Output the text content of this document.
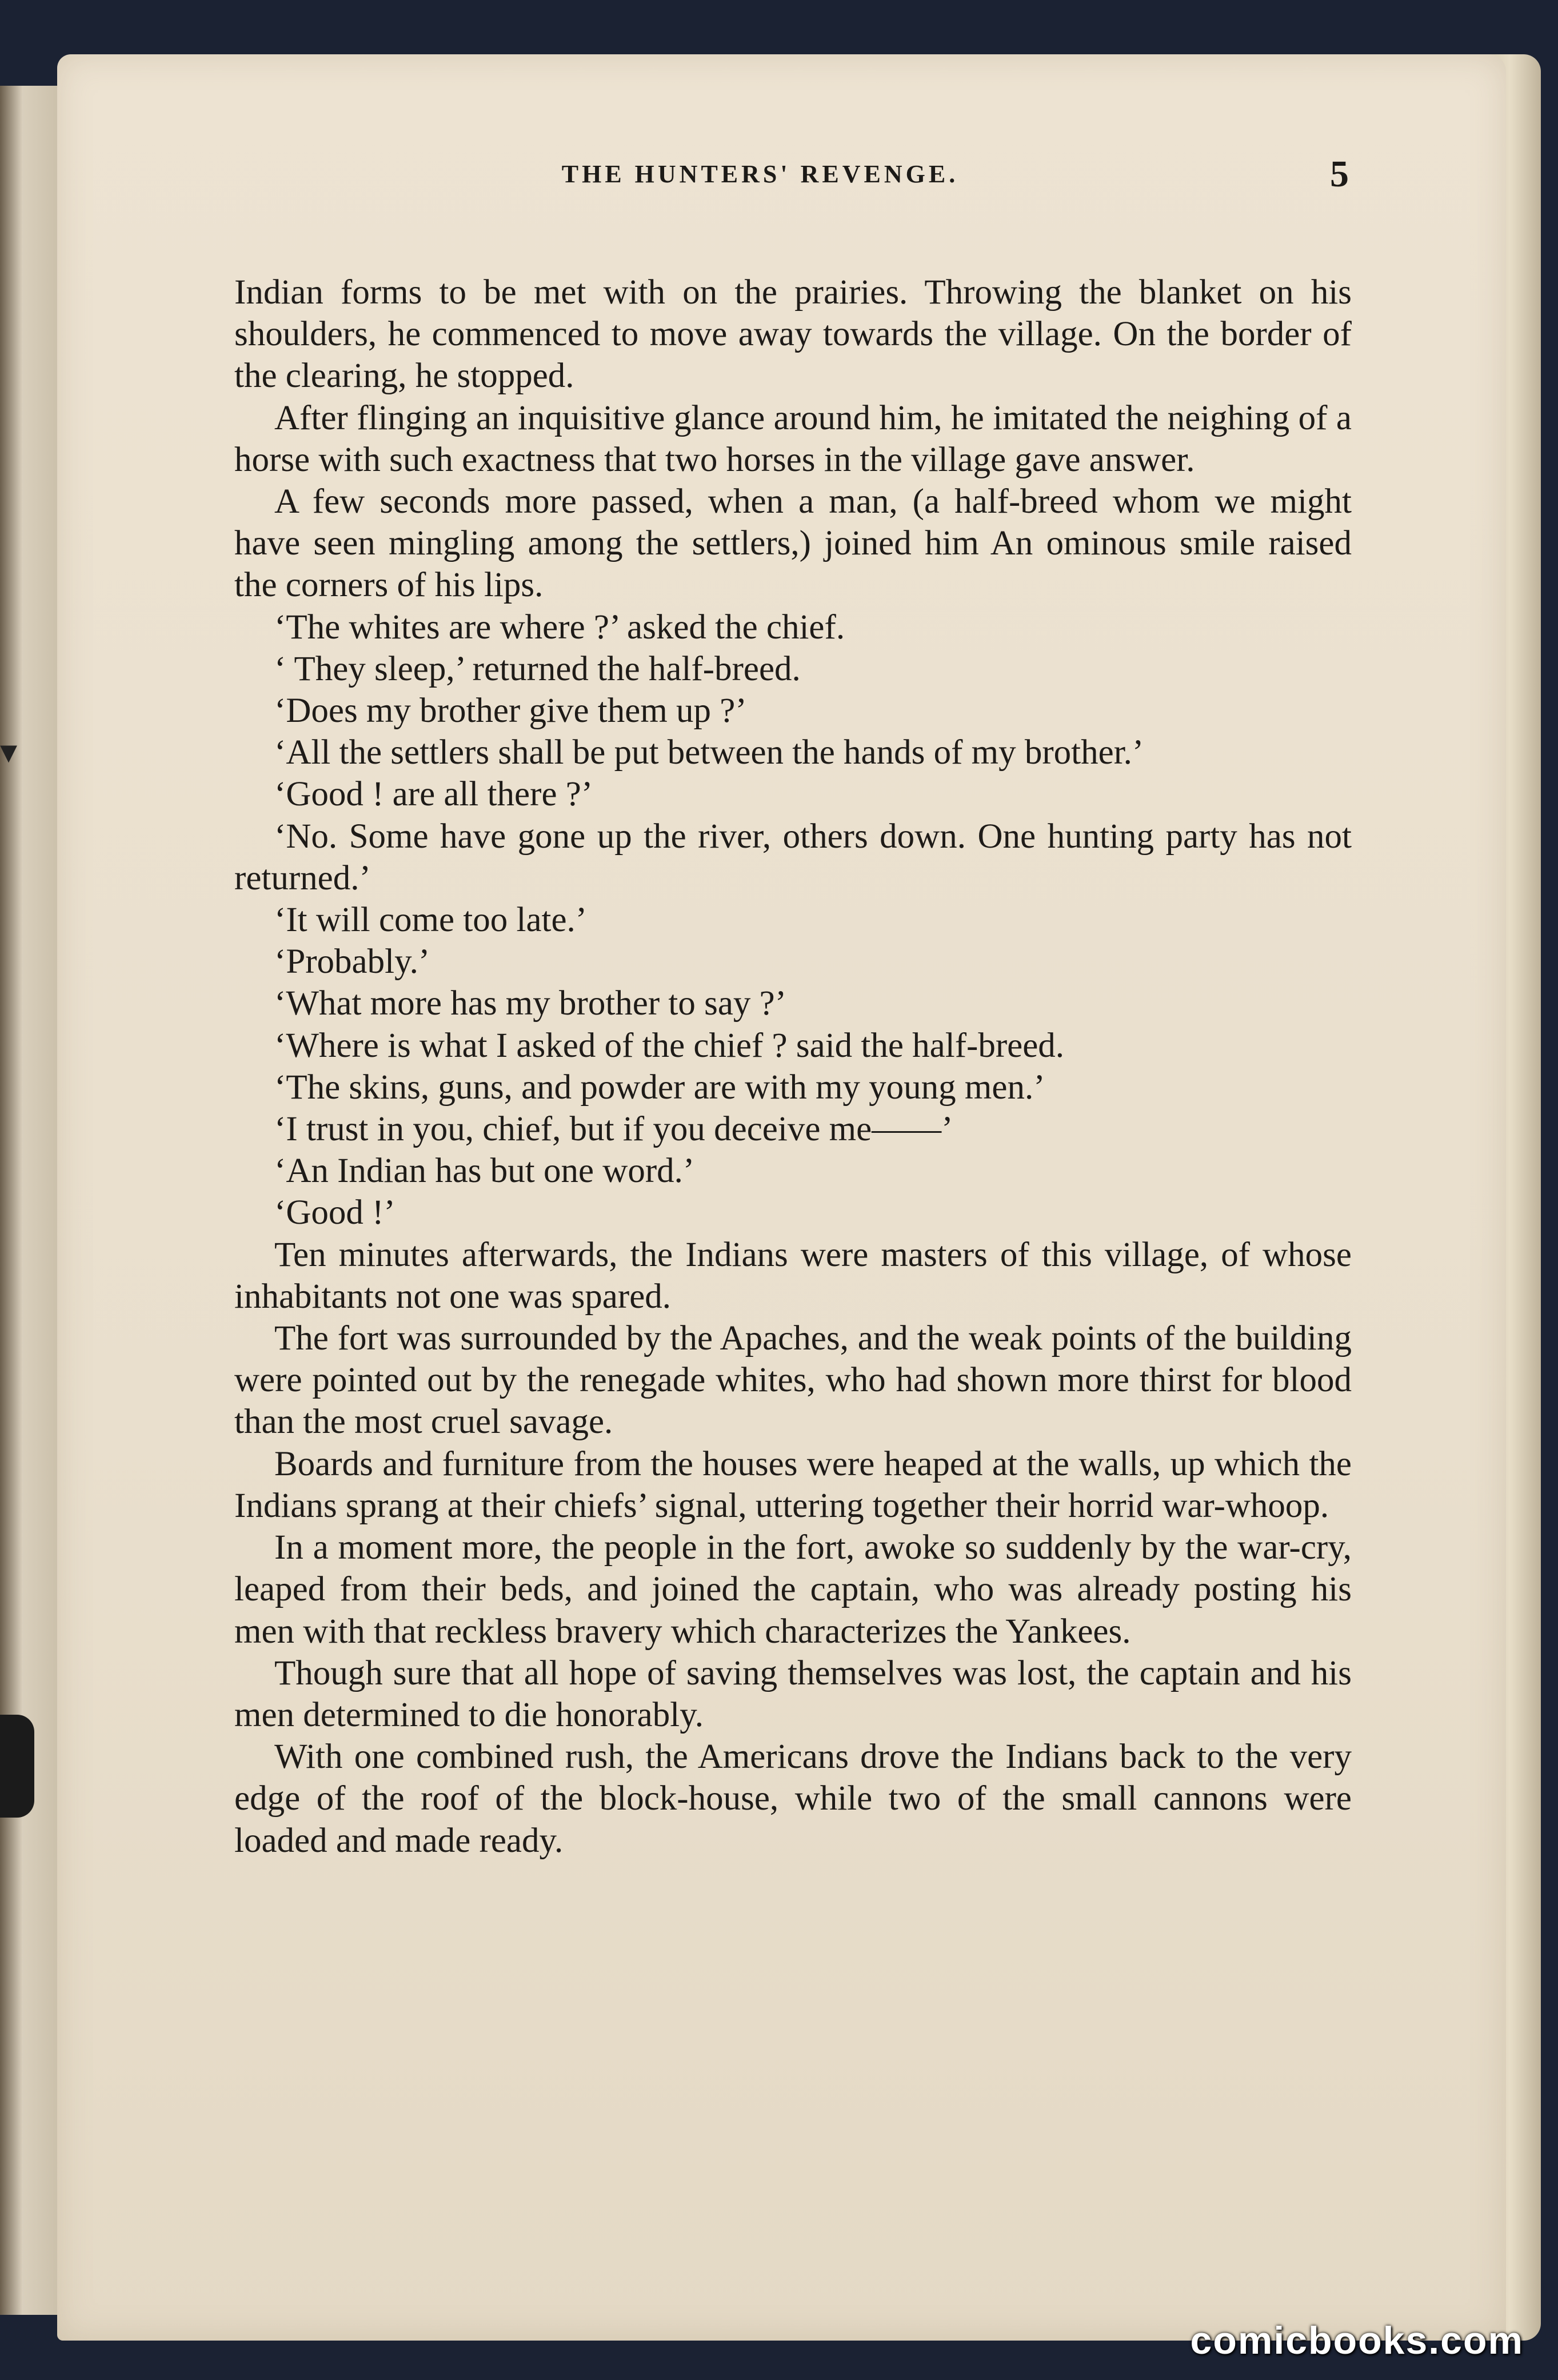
▾
THE HUNTERS' REVENGE.	5

Indian forms to be met with on the prairies. Throwing the blanket on his shoulders, he commenced to move away towards the village. On the border of the clearing, he stopped.

After flinging an inquisitive glance around him, he imitated the neighing of a horse with such exactness that two horses in the village gave answer.

A few seconds more passed, when a man, (a half-breed whom we might have seen mingling among the settlers,) joined him An ominous smile raised the corners of his lips.

‘The whites are where ?’ asked the chief.

‘ They sleep,’ returned the half-breed.

‘Does my brother give them up ?’

‘All the settlers shall be put between the hands of my brother.’

‘Good ! are all there ?’

‘No. Some have gone up the river, others down. One hunting party has not returned.’

‘It will come too late.’

‘Probably.’

‘What more has my brother to say ?’

‘Where is what I asked of the chief ? said the half-breed.

‘The skins, guns, and powder are with my young men.’

‘I trust in you, chief, but if you deceive me——’

‘An Indian has but one word.’

‘Good !’

Ten minutes afterwards, the Indians were masters of this village, of whose inhabitants not one was spared.

The fort was surrounded by the Apaches, and the weak points of the building were pointed out by the renegade whites, who had shown more thirst for blood than the most cruel savage.

Boards and furniture from the houses were heaped at the walls, up which the Indians sprang at their chiefs’ signal, uttering together their horrid war-whoop.

In a moment more, the people in the fort, awoke so suddenly by the war-cry, leaped from their beds, and joined the captain, who was already posting his men with that reckless bravery which characterizes the Yankees.

Though sure that all hope of saving themselves was lost, the captain and his men determined to die honorably.

With one combined rush, the Americans drove the Indians back to the very edge of the roof of the block-house, while two of the small cannons were loaded and made ready.

comicbooks.com
